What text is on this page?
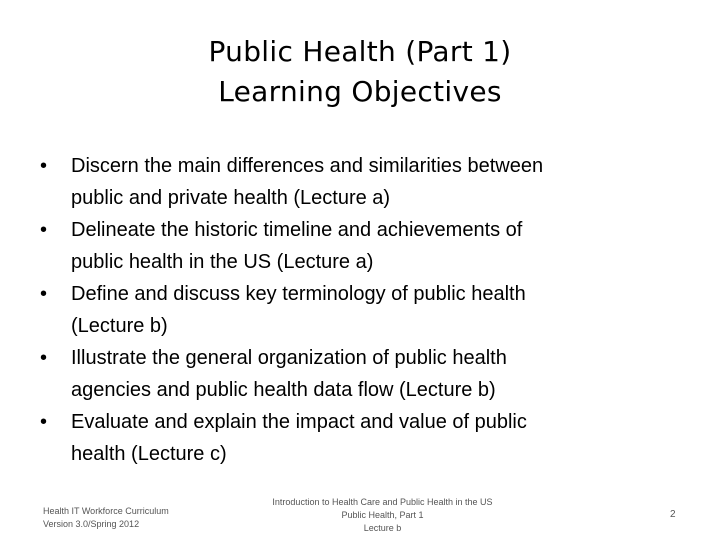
Public Health (Part 1)
Learning Objectives
•	Discern the main differences and similarities between
public and private health (Lecture a)
•	Delineate the historic timeline and achievements of
public health in the US (Lecture a)
•	Define and discuss key terminology of public health
(Lecture b)
•	Illustrate the general organization of public health
agencies and public health data flow (Lecture b)
•	Evaluate and explain the impact and value of public
health (Lecture c)
Health IT Workforce Curriculum
Version 3.0/Spring 2012
Introduction to Health Care and Public Health in the US
Public Health, Part 1
Lecture b
2
